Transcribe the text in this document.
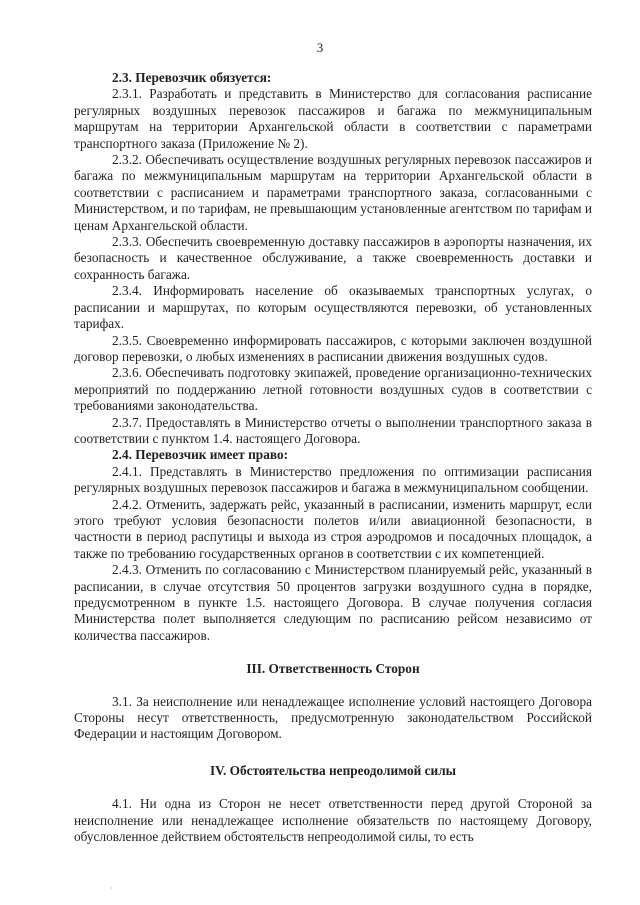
3
2.3. Перевозчик обязуется:

2.3.1. Разработать и представить в Министерство для согласования расписание регулярных воздушных перевозок пассажиров и багажа по межмуниципальным маршрутам на территории Архангельской области в соответствии с параметрами транспортного заказа (Приложение № 2).

2.3.2. Обеспечивать осуществление воздушных регулярных перевозок пассажиров и багажа по межмуниципальным маршрутам на территории Архангельской области в соответствии с расписанием и параметрами транспортного заказа, согласованными с Министерством, и по тарифам, не превышающим установленные агентством по тарифам и ценам Архангельской области.

2.3.3. Обеспечить своевременную доставку пассажиров в аэропорты назначения, их безопасность и качественное обслуживание, а также своевременность доставки и сохранность багажа.

2.3.4. Информировать население об оказываемых транспортных услугах, о расписании и маршрутах, по которым осуществляются перевозки, об установленных тарифах.

2.3.5. Своевременно информировать пассажиров, с которыми заключен воздушной договор перевозки, о любых изменениях в расписании движения воздушных судов.

2.3.6. Обеспечивать подготовку экипажей, проведение организационно-технических мероприятий по поддержанию летной готовности воздушных судов в соответствии с требованиями законодательства.

2.3.7. Предоставлять в Министерство отчеты о выполнении транспортного заказа в соответствии с пунктом 1.4. настоящего Договора.

2.4. Перевозчик имеет право:

2.4.1. Представлять в Министерство предложения по оптимизации расписания регулярных воздушных перевозок пассажиров и багажа в межмуниципальном сообщении.

2.4.2. Отменить, задержать рейс, указанный в расписании, изменить маршрут, если этого требуют условия безопасности полетов и/или авиационной безопасности, в частности в период распутицы и выхода из строя аэродромов и посадочных площадок, а также по требованию государственных органов в соответствии с их компетенцией.

2.4.3. Отменить по согласованию с Министерством планируемый рейс, указанный в расписании, в случае отсутствия 50 процентов загрузки воздушного судна в порядке, предусмотренном в пункте 1.5. настоящего Договора. В случае получения согласия Министерства полет выполняется следующим по расписанию рейсом независимо от количества пассажиров.

III. Ответственность Сторон

3.1. За неисполнение или ненадлежащее исполнение условий настоящего Договора Стороны несут ответственность, предусмотренную законодательством Российской Федерации и настоящим Договором.

IV. Обстоятельства непреодолимой силы

4.1. Ни одна из Сторон не несет ответственности перед другой Стороной за неисполнение или ненадлежащее исполнение обязательств по настоящему Договору, обусловленное действием обстоятельств непреодолимой силы, то есть

·
